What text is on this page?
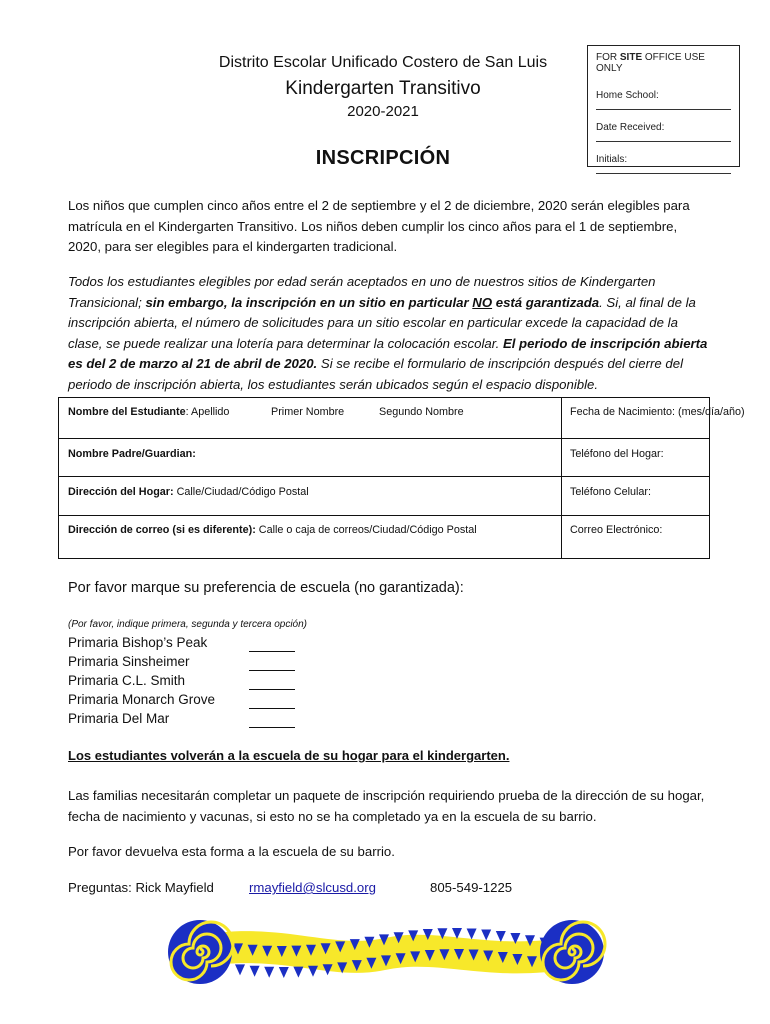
Distrito Escolar Unificado Costero de San Luis
Kindergarten Transitivo
2020-2021
INSCRIPCIÓN
FOR SITE OFFICE USE ONLY
Home School:
Date Received:
Initials:
Los niños que cumplen cinco años entre el 2 de septiembre y el 2 de diciembre, 2020 serán elegibles para matrícula en el Kindergarten Transitivo. Los niños deben cumplir los cinco años para el 1 de septiembre, 2020, para ser elegibles para el kindergarten tradicional.
Todos los estudiantes elegibles por edad serán aceptados en uno de nuestros sitios de Kindergarten Transicional; sin embargo, la inscripción en un sitio en particular NO está garantizada. Si, al final de la inscripción abierta, el número de solicitudes para un sitio escolar en particular excede la capacidad de la clase, se puede realizar una lotería para determinar la colocación escolar. El periodo de inscripción abierta es del 2 de marzo al 21 de abril de 2020. Si se recibe el formulario de inscripción después del cierre del periodo de inscripción abierta, los estudiantes serán ubicados según el espacio disponible.
Nombre del Estudiante: Apellido	Primer Nombre	Segundo Nombre	Fecha de Nacimiento: (mes/día/año)
Nombre Padre/Guardian:	Teléfono del Hogar:
Dirección del Hogar: Calle/Ciudad/Código Postal	Teléfono Celular:
Dirección de correo (si es diferente): Calle o caja de correos/Ciudad/Código Postal	Correo Electrónico:
Por favor marque su preferencia de escuela (no garantizada):
(Por favor, indique primera, segunda y tercera opción)
Primaria Bishop’s Peak
Primaria Sinsheimer
Primaria C.L. Smith
Primaria Monarch Grove
Primaria Del Mar
Los estudiantes volverán a la escuela de su hogar para el kindergarten.
Las familias necesitarán completar un paquete de inscripción requiriendo prueba de la dirección de su hogar, fecha de nacimiento y vacunas, si esto no se ha completado ya en la escuela de su barrio.
Por favor devuelva esta forma a la escuela de su barrio.
Preguntas: Rick Mayfield	rmayfield@slcusd.org	805-549-1225
